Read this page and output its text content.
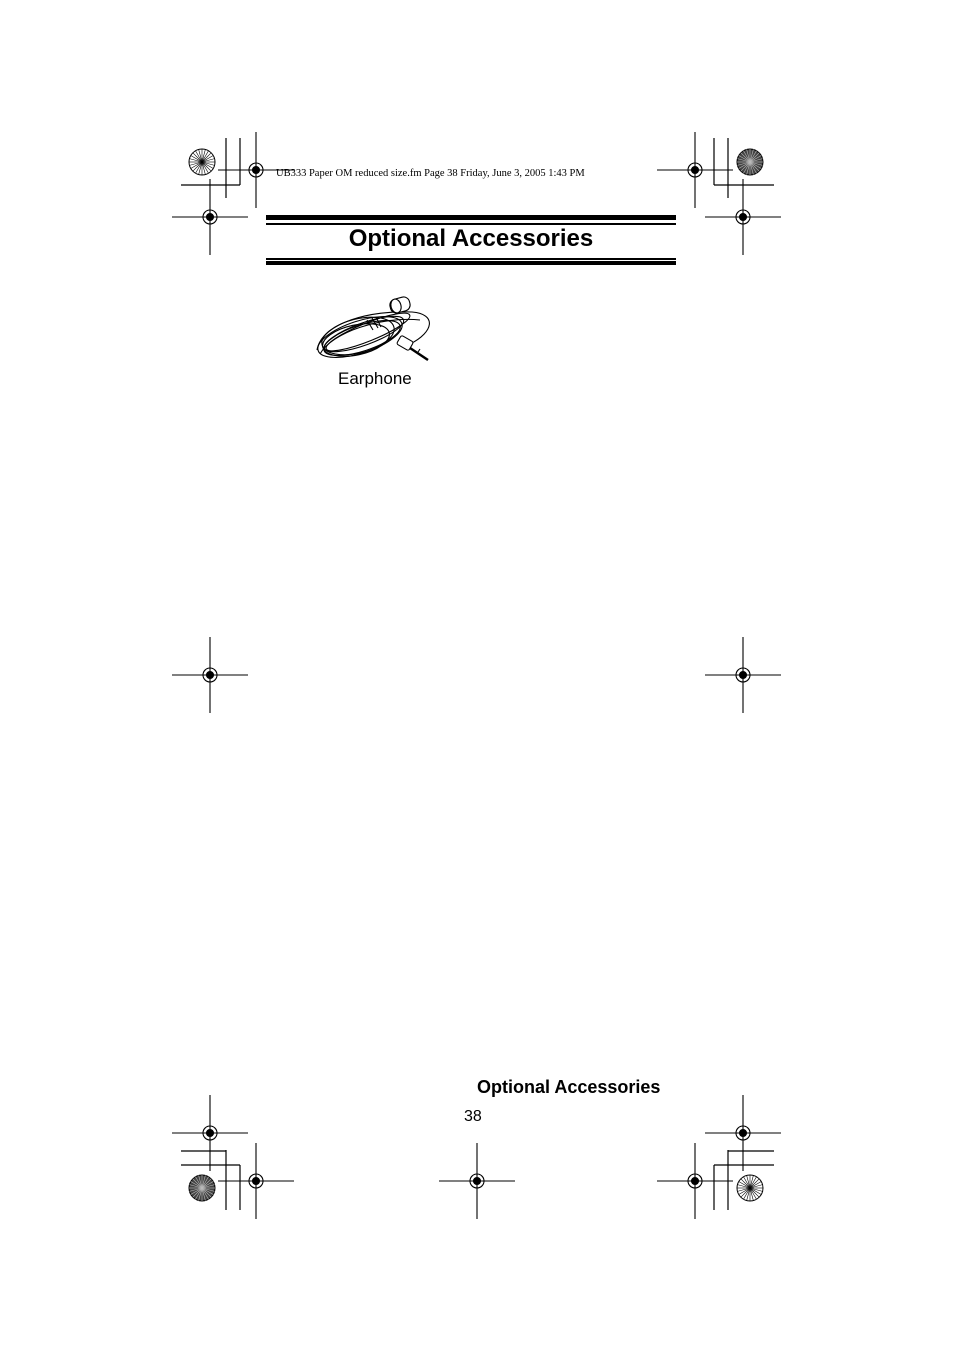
UB333 Paper OM reduced size.fm Page 38 Friday, June 3, 2005 1:43 PM
Optional Accessories
Earphone
Optional Accessories
38
